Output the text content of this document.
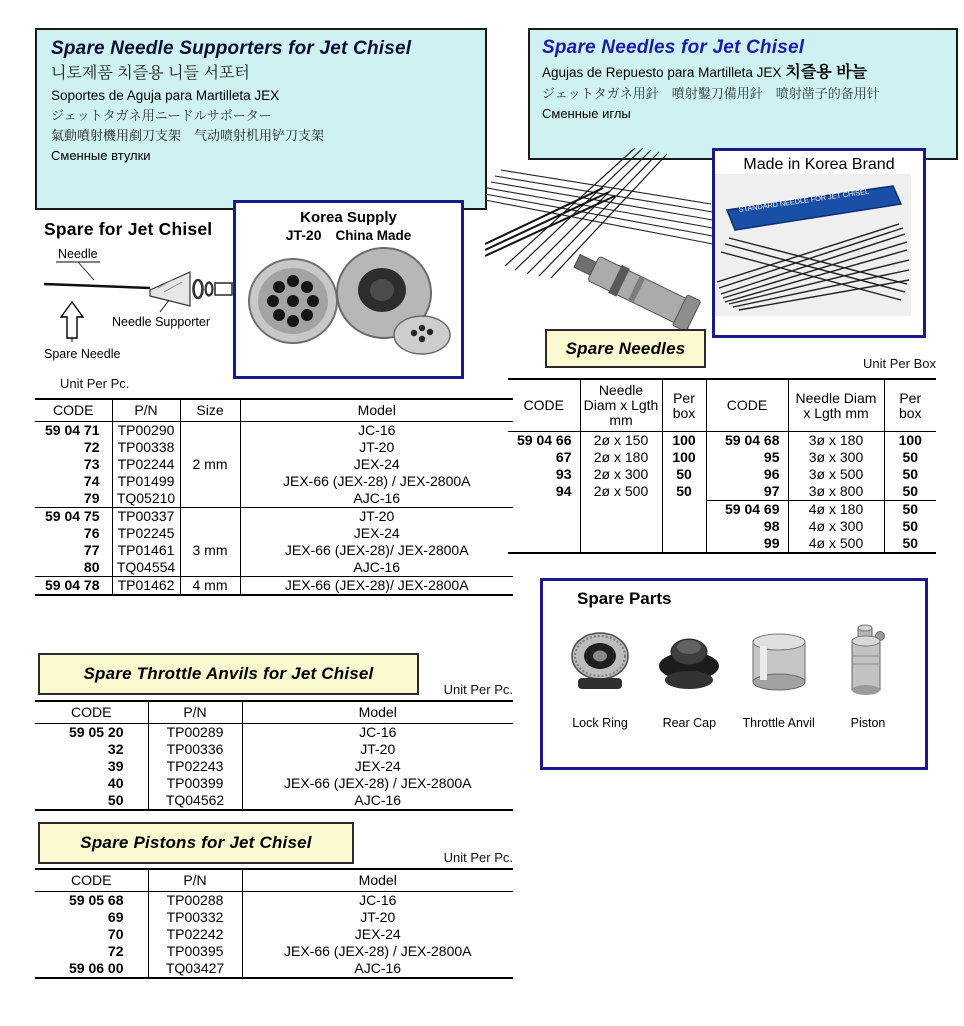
Spare Needle Supporters for Jet Chisel
니토제품 치즐용 니들 서포터
Soportes de Aguja para Martilleta JEX
ジェットタガネ用ニードルサポーター
氣動噴射機用剷刀支架　气动喷射机用铲刀支架
Сменные втулки
Spare Needles for Jet Chisel
Agujas de Repuesto para Martilleta JEX 치즐용 바늘
ジェットタガネ用針　噴射鑿刀備用針　喷射凿子的备用针
Сменные иглы
Spare for Jet Chisel
Needle
Needle Supporter
Spare Needle
Korea Supply
JT-20 China Made
Made in Korea Brand
STANDARD NEEDLE FOR JET CHISEL
Spare Needles
Unit Per Pc.
Unit Per Box
CODE	P/N	Size	Model
59 04 71	TP00290		JC-16
72	TP00338		JT-20
73	TP02244	2 mm	JEX-24
74	TP01499		JEX-66 (JEX-28) / JEX-2800A
79	TQ05210		AJC-16
59 04 75	TP00337		JT-20
76	TP02245		JEX-24
77	TP01461	3 mm	JEX-66 (JEX-28)/ JEX-2800A
80	TQ04554		AJC-16
59 04 78	TP01462	4 mm	JEX-66 (JEX-28)/ JEX-2800A
CODE	Needle Diam x Lgth mm	Per box	CODE	Needle Diam x Lgth mm	Per box
59 04 66	2ø x 150	100	59 04 68	3ø x 180	100
67	2ø x 180	100	95	3ø x 300	50
93	2ø x 300	50	96	3ø x 500	50
94	2ø x 500	50	97	3ø x 800	50
			59 04 69	4ø x 180	50
			98	4ø x 300	50
			99	4ø x 500	50
Spare Parts
Lock Ring	Rear Cap	Throttle Anvil	Piston
Spare Throttle Anvils for Jet Chisel
Unit Per Pc.
CODE	P/N	Model
59 05 20	TP00289	JC-16
32	TP00336	JT-20
39	TP02243	JEX-24
40	TP00399	JEX-66 (JEX-28) / JEX-2800A
50	TQ04562	AJC-16
Spare Pistons for Jet Chisel
Unit Per Pc.
CODE	P/N	Model
59 05 68	TP00288	JC-16
69	TP00332	JT-20
70	TP02242	JEX-24
72	TP00395	JEX-66 (JEX-28) / JEX-2800A
59 06 00	TQ03427	AJC-16
